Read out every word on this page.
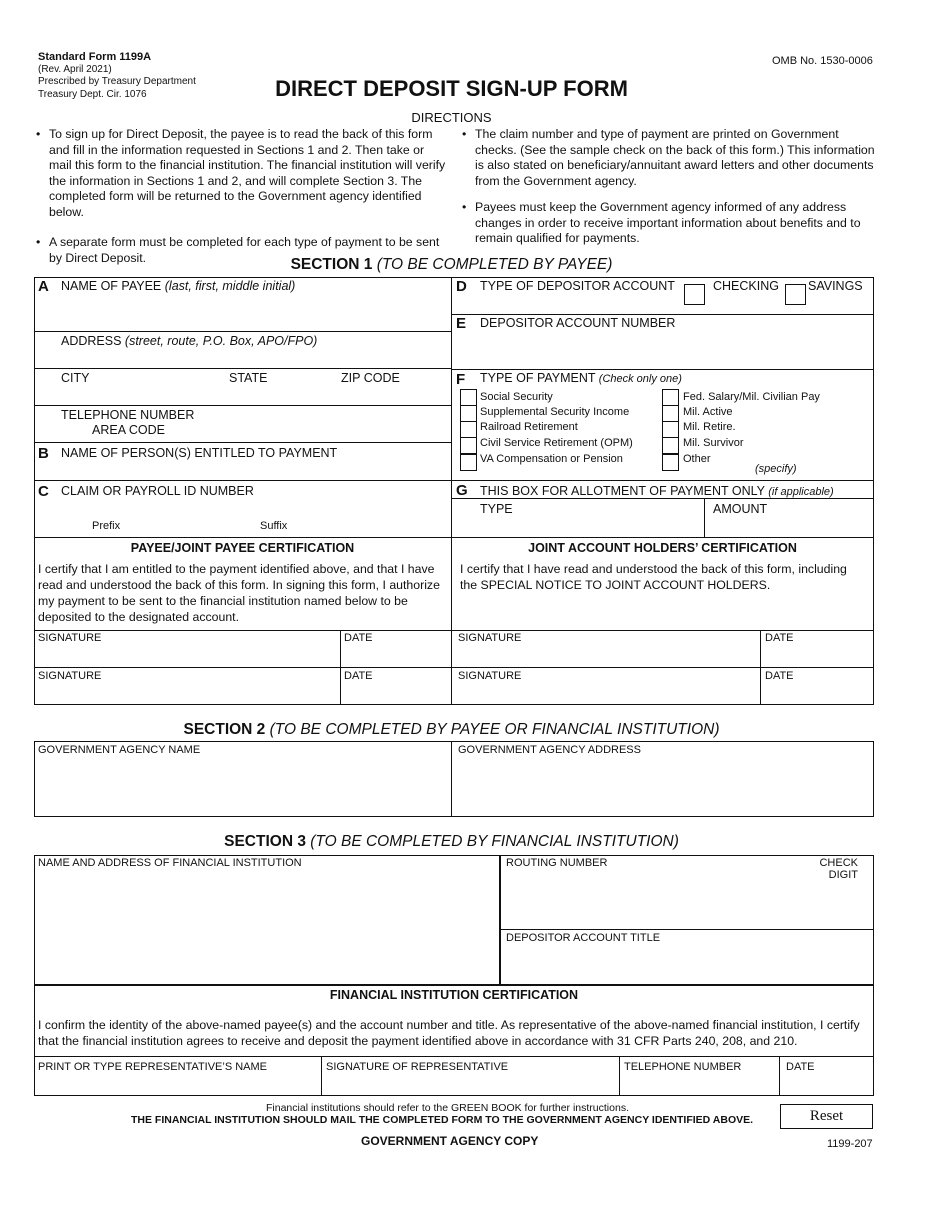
Standard Form 1199A
(Rev. April 2021)
Prescribed by Treasury Department
Treasury Dept. Cir. 1076
OMB No. 1530-0006
DIRECT DEPOSIT SIGN-UP FORM
DIRECTIONS
• To sign up for Direct Deposit, the payee is to read the back of this form and fill in the information requested in Sections 1 and 2. Then take or mail this form to the financial institution. The financial institution will verify the information in Sections 1 and 2, and will complete Section 3. The completed form will be returned to the Government agency identified below.
• A separate form must be completed for each type of payment to be sent by Direct Deposit.
• The claim number and type of payment are printed on Government checks. (See the sample check on the back of this form.) This information is also stated on beneficiary/annuitant award letters and other documents from the Government agency.
• Payees must keep the Government agency informed of any address changes in order to receive important information about benefits and to remain qualified for payments.
SECTION 1 (TO BE COMPLETED BY PAYEE)
A NAME OF PAYEE (last, first, middle initial)
ADDRESS (street, route, P.O. Box, APO/FPO)
CITY	STATE	ZIP CODE
TELEPHONE NUMBER
AREA CODE
B NAME OF PERSON(S) ENTITLED TO PAYMENT
C CLAIM OR PAYROLL ID NUMBER
Prefix	Suffix
D TYPE OF DEPOSITOR ACCOUNT	CHECKING SAVINGS
E DEPOSITOR ACCOUNT NUMBER
F TYPE OF PAYMENT (Check only one)
Social Security
Supplemental Security Income
Railroad Retirement
Civil Service Retirement (OPM)
VA Compensation or Pension
Fed. Salary/Mil. Civilian Pay
Mil. Active
Mil. Retire.
Mil. Survivor
Other
(specify)
G THIS BOX FOR ALLOTMENT OF PAYMENT ONLY (if applicable)
TYPE	AMOUNT
PAYEE/JOINT PAYEE CERTIFICATION
I certify that I am entitled to the payment identified above, and that I have read and understood the back of this form. In signing this form, I authorize my payment to be sent to the financial institution named below to be deposited to the designated account.
JOINT ACCOUNT HOLDERS’ CERTIFICATION
I certify that I have read and understood the back of this form, including the SPECIAL NOTICE TO JOINT ACCOUNT HOLDERS.
SIGNATURE	DATE	SIGNATURE	DATE
SIGNATURE	DATE	SIGNATURE	DATE
SECTION 2 (TO BE COMPLETED BY PAYEE OR FINANCIAL INSTITUTION)
GOVERNMENT AGENCY NAME	GOVERNMENT AGENCY ADDRESS
SECTION 3 (TO BE COMPLETED BY FINANCIAL INSTITUTION)
NAME AND ADDRESS OF FINANCIAL INSTITUTION	ROUTING NUMBER	CHECK
DIGIT
DEPOSITOR ACCOUNT TITLE
FINANCIAL INSTITUTION CERTIFICATION
I confirm the identity of the above-named payee(s) and the account number and title. As representative of the above-named financial institution, I certify that the financial institution agrees to receive and deposit the payment identified above in accordance with 31 CFR Parts 240, 208, and 210.
PRINT OR TYPE REPRESENTATIVE’S NAME	SIGNATURE OF REPRESENTATIVE	TELEPHONE NUMBER	DATE
Financial institutions should refer to the GREEN BOOK for further instructions.
THE FINANCIAL INSTITUTION SHOULD MAIL THE COMPLETED FORM TO THE GOVERNMENT AGENCY IDENTIFIED ABOVE.	Reset
GOVERNMENT AGENCY COPY	1199-207
